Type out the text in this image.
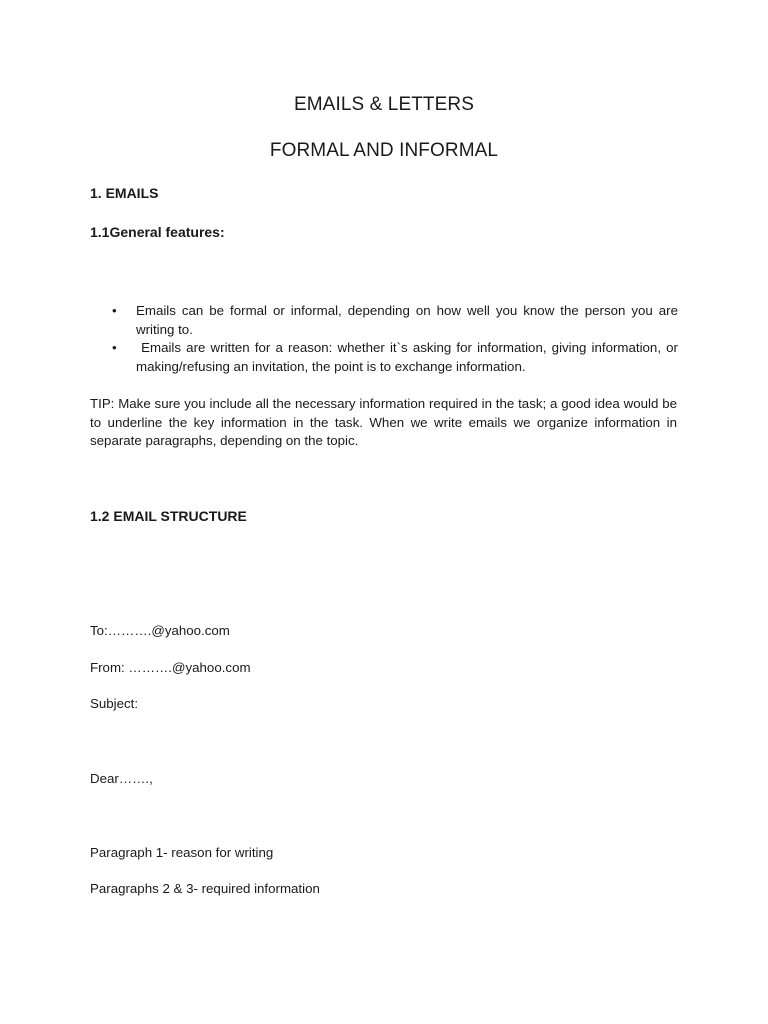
EMAILS & LETTERS
FORMAL AND INFORMAL
1. EMAILS
1.1General features:
• Emails can be formal or informal, depending on how well you know the person you are writing to.
• Emails are written for a reason: whether it`s asking for information, giving information, or making/refusing an invitation, the point is to exchange information.
TIP: Make sure you include all the necessary information required in the task; a good idea would be to underline the key information in the task. When we write emails we organize information in separate paragraphs, depending on the topic.
1.2 EMAIL STRUCTURE
To:……….@yahoo.com
From: ……….@yahoo.com
Subject:
Dear…….,
Paragraph 1- reason for writing
Paragraphs 2 & 3- required information
